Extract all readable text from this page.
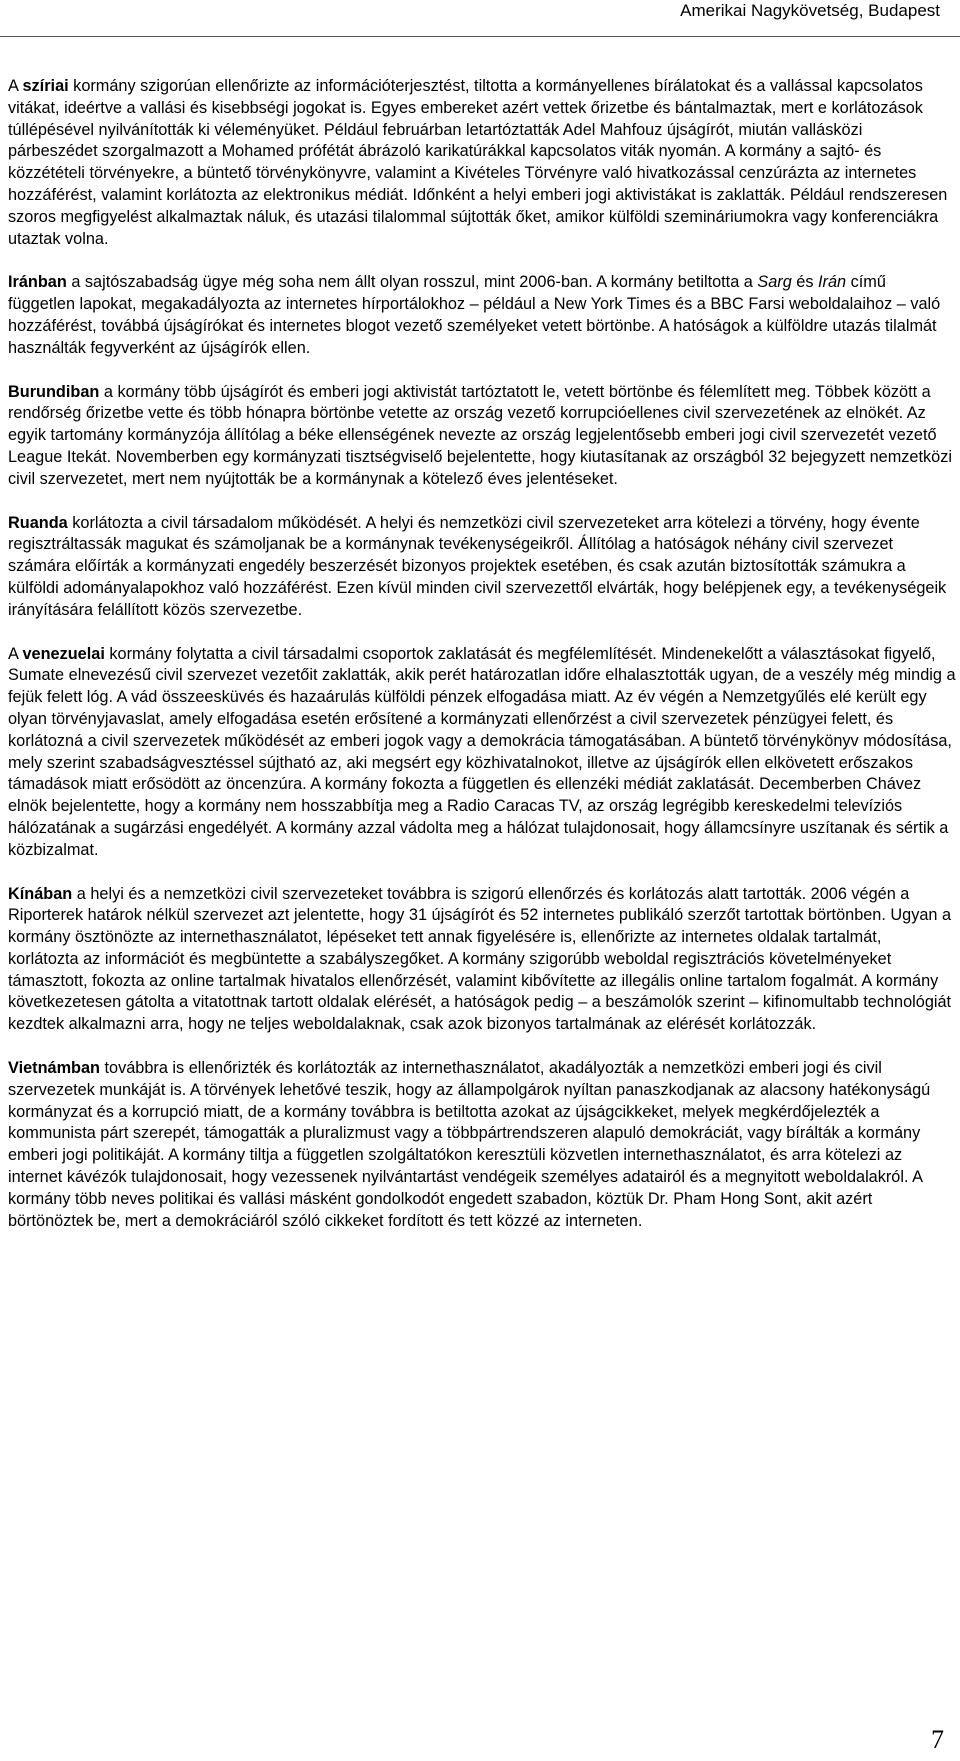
Amerikai Nagykövetség, Budapest

A szíriai kormány szigorúan ellenőrizte az információterjesztést, tiltotta a kormányellenes bírálatokat és a vallással kapcsolatos vitákat, ideértve a vallási és kisebbségi jogokat is. Egyes embereket azért vettek őrizetbe és bántalmaztak, mert e korlátozások túllépésével nyilvánították ki véleményüket. Például februárban letartóztatták Adel Mahfouz újságírót, miután vallásközi párbeszédet szorgalmazott a Mohamed prófétát ábrázoló karikatúrákkal kapcsolatos viták nyomán. A kormány a sajtó- és közzétételi törvényekre, a büntető törvénykönyvre, valamint a Kivételes Törvényre való hivatkozással cenzúrázta az internetes hozzáférést, valamint korlátozta az elektronikus médiát. Időnként a helyi emberi jogi aktivistákat is zaklatták. Például rendszeresen szoros megfigyelést alkalmaztak náluk, és utazási tilalommal sújtották őket, amikor külföldi szemináriumokra vagy konferenciákra utaztak volna.

Iránban a sajtószabadság ügye még soha nem állt olyan rosszul, mint 2006-ban. A kormány betiltotta a Sarg és Irán című független lapokat, megakadályozta az internetes hírportálokhoz – például a New York Times és a BBC Farsi weboldalaihoz – való hozzáférést, továbbá újságírókat és internetes blogot vezető személyeket vetett börtönbe. A hatóságok a külföldre utazás tilalmát használták fegyverként az újságírók ellen.

Burundiban a kormány több újságírót és emberi jogi aktivistát tartóztatott le, vetett börtönbe és félemlített meg. Többek között a rendőrség őrizetbe vette és több hónapra börtönbe vetette az ország vezető korrupcióellenes civil szervezetének az elnökét. Az egyik tartomány kormányzója állítólag a béke ellenségének nevezte az ország legjelentősebb emberi jogi civil szervezetét vezető League Itekát. Novemberben egy kormányzati tisztségviselő bejelentette, hogy kiutasítanak az országból 32 bejegyzett nemzetközi civil szervezetet, mert nem nyújtották be a kormánynak a kötelező éves jelentéseket.

Ruanda korlátozta a civil társadalom működését. A helyi és nemzetközi civil szervezeteket arra kötelezi a törvény, hogy évente regisztráltassák magukat és számoljanak be a kormánynak tevékenységeikről. Állítólag a hatóságok néhány civil szervezet számára előírták a kormányzati engedély beszerzését bizonyos projektek esetében, és csak azután biztosították számukra a külföldi adományalapokhoz való hozzáférést. Ezen kívül minden civil szervezettől elvárták, hogy belépjenek egy, a tevékenységeik irányítására felállított közös szervezetbe.

A venezuelai kormány folytatta a civil társadalmi csoportok zaklatását és megfélemlítését. Mindenekelőtt a választásokat figyelő, Sumate elnevezésű civil szervezet vezetőit zaklatták, akik perét határozatlan időre elhalasztották ugyan, de a veszély még mindig a fejük felett lóg. A vád összeesküvés és hazaárulás külföldi pénzek elfogadása miatt. Az év végén a Nemzetgyűlés elé került egy olyan törvényjavaslat, amely elfogadása esetén erősítené a kormányzati ellenőrzést a civil szervezetek pénzügyei felett, és korlátozná a civil szervezetek működését az emberi jogok vagy a demokrácia támogatásában. A büntető törvénykönyv módosítása, mely szerint szabadságvesztéssel sújtható az, aki megsért egy közhivatalnokot, illetve az újságírók ellen elkövetett erőszakos támadások miatt erősödött az öncenzúra. A kormány fokozta a független és ellenzéki médiát zaklatását. Decemberben Chávez elnök bejelentette, hogy a kormány nem hosszabbítja meg a Radio Caracas TV, az ország legrégibb kereskedelmi televíziós hálózatának a sugárzási engedélyét. A kormány azzal vádolta meg a hálózat tulajdonosait, hogy államcsínyre uszítanak és sértik a közbizalmat.

Kínában a helyi és a nemzetközi civil szervezeteket továbbra is szigorú ellenőrzés és korlátozás alatt tartották. 2006 végén a Riporterek határok nélkül szervezet azt jelentette, hogy 31 újságírót és 52 internetes publikáló szerzőt tartottak börtönben. Ugyan a kormány ösztönözte az internethasználatot, lépéseket tett annak figyelésére is, ellenőrizte az internetes oldalak tartalmát, korlátozta az információt és megbüntette a szabályszegőket. A kormány szigorúbb weboldal regisztrációs követelményeket támasztott, fokozta az online tartalmak hivatalos ellenőrzését, valamint kibővítette az illegális online tartalom fogalmát. A kormány következetesen gátolta a vitatottnak tartott oldalak elérését, a hatóságok pedig – a beszámolók szerint – kifinomultabb technológiát kezdtek alkalmazni arra, hogy ne teljes weboldalaknak, csak azok bizonyos tartalmának az elérését korlátozzák.

Vietnámban továbbra is ellenőrizték és korlátozták az internethasználatot, akadályozták a nemzetközi emberi jogi és civil szervezetek munkáját is. A törvények lehetővé teszik, hogy az állampolgárok nyíltan panaszkodjanak az alacsony hatékonyságú kormányzat és a korrupció miatt, de a kormány továbbra is betiltotta azokat az újságcikkeket, melyek megkérdőjelezték a kommunista párt szerepét, támogatták a pluralizmust vagy a többpártrendszeren alapuló demokráciát, vagy bírálták a kormány emberi jogi politikáját. A kormány tiltja a független szolgáltatókon keresztüli közvetlen internethasználatot, és arra kötelezi az internet kávézók tulajdonosait, hogy vezessenek nyilvántartást vendégeik személyes adatairól és a megnyitott weboldalakról. A kormány több neves politikai és vallási másként gondolkodót engedett szabadon, köztük Dr. Pham Hong Sont, akit azért börtönöztek be, mert a demokráciáról szóló cikkeket fordított és tett közzé az interneten.

7
